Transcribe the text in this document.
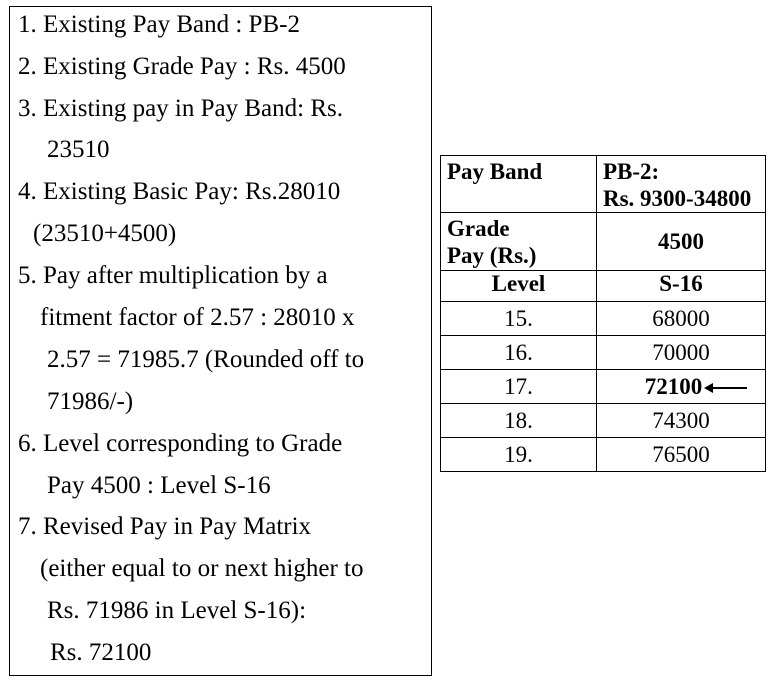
1. Existing Pay Band : PB-2
2. Existing Grade Pay : Rs. 4500
3. Existing pay in Pay Band: Rs.
23510
4. Existing Basic Pay: Rs.28010
(23510+4500)
5. Pay after multiplication by a
fitment factor of 2.57 : 28010 x
2.57 = 71985.7 (Rounded off to
71986/-)
6. Level corresponding to Grade
Pay 4500 : Level S-16
7. Revised Pay in Pay Matrix
(either equal to or next higher to
Rs. 71986 in Level S-16):
Rs. 72100
Pay Band	PB-2:
Rs. 9300-34800

Grade
Pay (Rs.)	4500
Level	S-16
15.	68000
16.	70000
17.	72100
18.	74300
19.	76500
